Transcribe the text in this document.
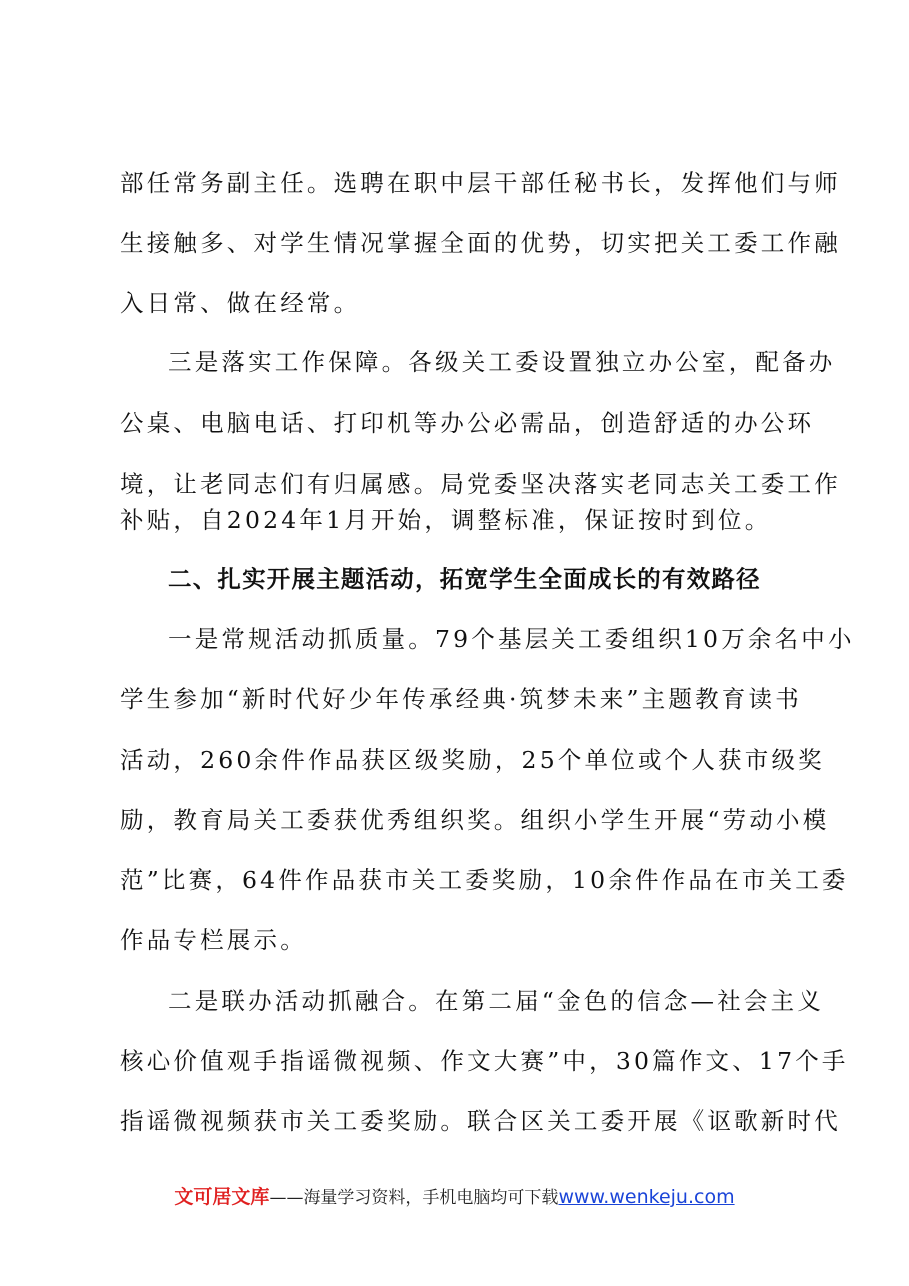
部任常务副主任。选聘在职中层干部任秘书长，发挥他们与师
生接触多、对学生情况掌握全面的优势，切实把关工委工作融
入日常、做在经常。
三是落实工作保障。各级关工委设置独立办公室，配备办
公桌、电脑电话、打印机等办公必需品，创造舒适的办公环
境，让老同志们有归属感。局党委坚决落实老同志关工委工作
补贴，自2024年1月开始，调整标准，保证按时到位。
二、扎实开展主题活动，拓宽学生全面成长的有效路径
一是常规活动抓质量。79个基层关工委组织10万余名中小
学生参加“新时代好少年传承经典·筑梦未来”主题教育读书
活动，260余件作品获区级奖励，25个单位或个人获市级奖
励，教育局关工委获优秀组织奖。组织小学生开展“劳动小模
范”比赛，64件作品获市关工委奖励，10余件作品在市关工委
作品专栏展示。
二是联办活动抓融合。在第二届“金色的信念—社会主义
核心价值观手指谣微视频、作文大赛”中，30篇作文、17个手
指谣微视频获市关工委奖励。联合区关工委开展《讴歌新时代
文可居文库——海量学习资料，手机电脑均可下载www.wenkeju.com
